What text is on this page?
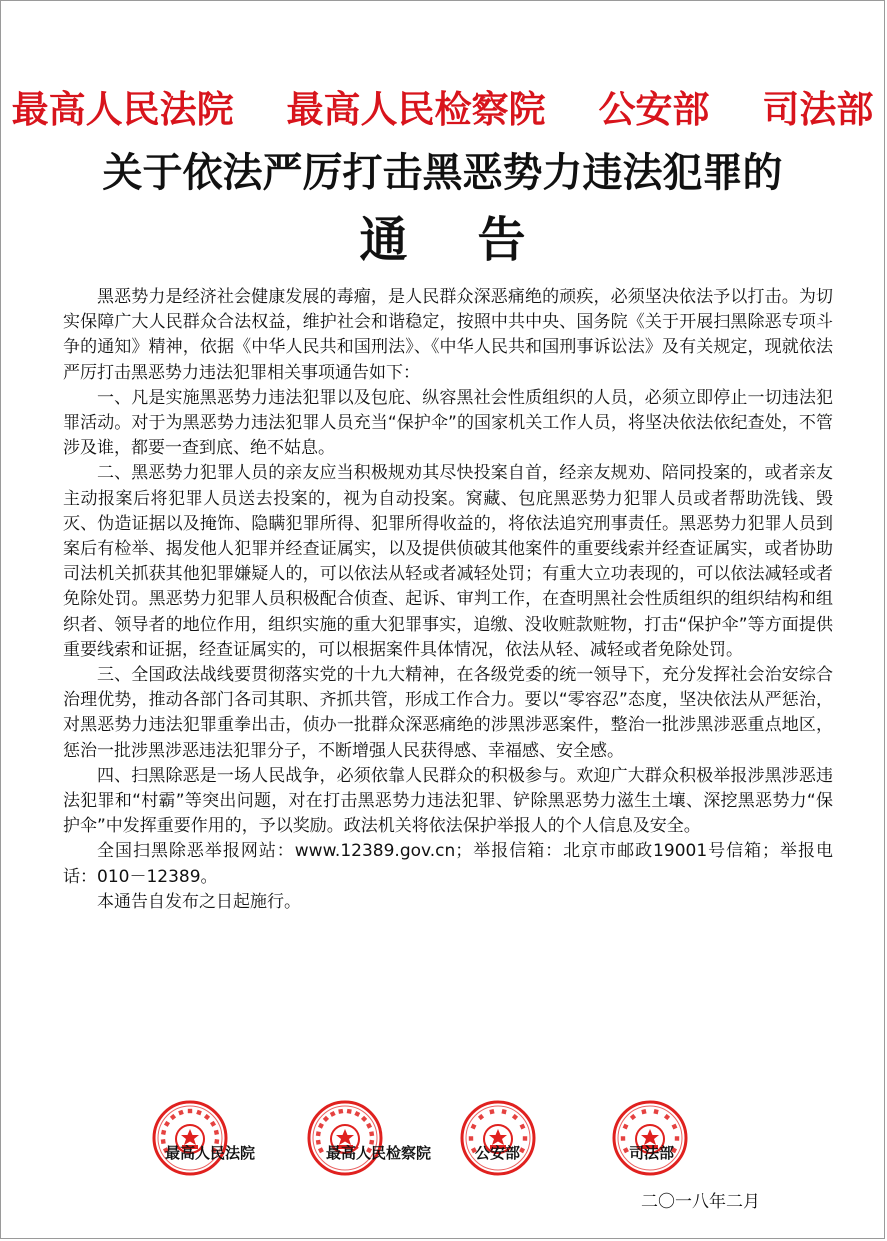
最高人民法院 最高人民检察院 公安部 司法部
关于依法严厉打击黑恶势力违法犯罪的
通告

黑恶势力是经济社会健康发展的毒瘤，是人民群众深恶痛绝的顽疾，必须坚决依法予以打击。为切实保障广大人民群众合法权益，维护社会和谐稳定，按照中共中央、国务院《关于开展扫黑除恶专项斗争的通知》精神，依据《中华人民共和国刑法》、《中华人民共和国刑事诉讼法》及有关规定，现就依法严厉打击黑恶势力违法犯罪相关事项通告如下：

一、凡是实施黑恶势力违法犯罪以及包庇、纵容黑社会性质组织的人员，必须立即停止一切违法犯罪活动。对于为黑恶势力违法犯罪人员充当“保护伞”的国家机关工作人员，将坚决依法依纪查处，不管涉及谁，都要一查到底、绝不姑息。

二、黑恶势力犯罪人员的亲友应当积极规劝其尽快投案自首，经亲友规劝、陪同投案的，或者亲友主动报案后将犯罪人员送去投案的，视为自动投案。窝藏、包庇黑恶势力犯罪人员或者帮助洗钱、毁灭、伪造证据以及掩饰、隐瞒犯罪所得、犯罪所得收益的，将依法追究刑事责任。黑恶势力犯罪人员到案后有检举、揭发他人犯罪并经查证属实，以及提供侦破其他案件的重要线索并经查证属实，或者协助司法机关抓获其他犯罪嫌疑人的，可以依法从轻或者减轻处罚；有重大立功表现的，可以依法减轻或者免除处罚。黑恶势力犯罪人员积极配合侦查、起诉、审判工作，在查明黑社会性质组织的组织结构和组织者、领导者的地位作用，组织实施的重大犯罪事实，追缴、没收赃款赃物，打击“保护伞”等方面提供重要线索和证据，经查证属实的，可以根据案件具体情况，依法从轻、减轻或者免除处罚。

三、全国政法战线要贯彻落实党的十九大精神，在各级党委的统一领导下，充分发挥社会治安综合治理优势，推动各部门各司其职、齐抓共管，形成工作合力。要以“零容忍”态度，坚决依法从严惩治，对黑恶势力违法犯罪重拳出击，侦办一批群众深恶痛绝的涉黑涉恶案件，整治一批涉黑涉恶重点地区，惩治一批涉黑涉恶违法犯罪分子，不断增强人民获得感、幸福感、安全感。

四、扫黑除恶是一场人民战争，必须依靠人民群众的积极参与。欢迎广大群众积极举报涉黑涉恶违法犯罪和“村霸”等突出问题，对在打击黑恶势力违法犯罪、铲除黑恶势力滋生土壤、深挖黑恶势力“保护伞”中发挥重要作用的，予以奖励。政法机关将依法保护举报人的个人信息及安全。

全国扫黑除恶举报网站：www.12389.gov.cn；举报信箱：北京市邮政19001号信箱；举报电话：010－12389。

本通告自发布之日起施行。

最高人民法院	最高人民检察院	公安部	司法部
二〇一八年二月
